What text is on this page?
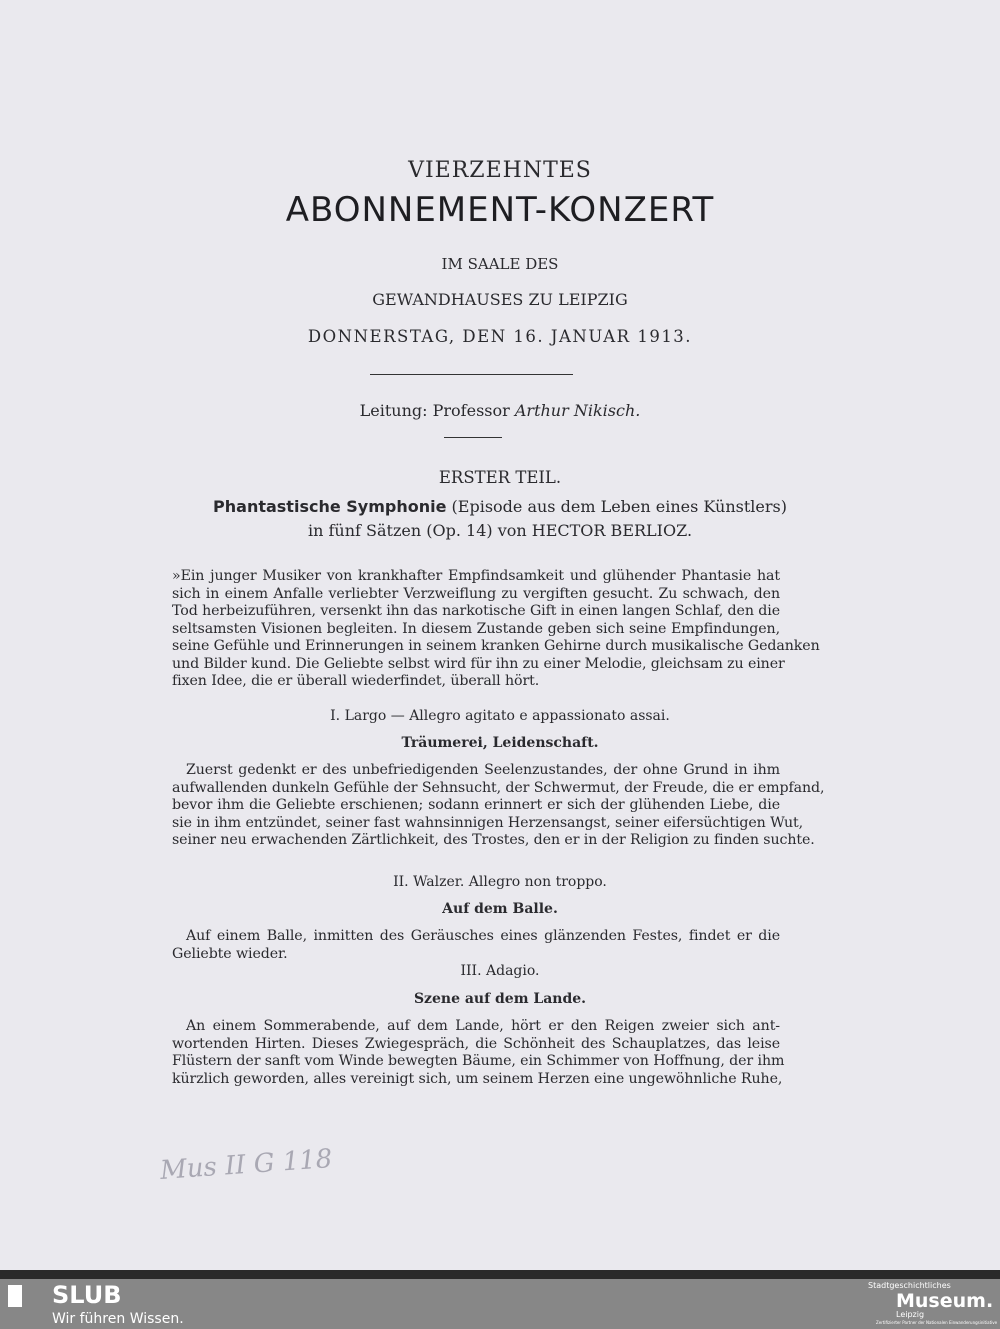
VIERZEHNTES
ABONNEMENT-KONZERT
IM SAALE DES
GEWANDHAUSES ZU LEIPZIG
DONNERSTAG, DEN 16. JANUAR 1913.
Leitung: Professor Arthur Nikisch.
ERSTER TEIL.
Phantastische Symphonie (Episode aus dem Leben eines Künstlers)
in fünf Sätzen (Op. 14) von HECTOR BERLIOZ.
»Ein junger Musiker von krankhafter Empfindsamkeit und glühender Phantasie hat
sich in einem Anfalle verliebter Verzweiflung zu vergiften gesucht. Zu schwach, den
Tod herbeizuführen, versenkt ihn das narkotische Gift in einen langen Schlaf, den die
seltsamsten Visionen begleiten. In diesem Zustande geben sich seine Empfindungen,
seine Gefühle und Erinnerungen in seinem kranken Gehirne durch musikalische Gedanken
und Bilder kund. Die Geliebte selbst wird für ihn zu einer Melodie, gleichsam zu einer
fixen Idee, die er überall wiederfindet, überall hört.
I. Largo — Allegro agitato e appassionato assai.
Träumerei, Leidenschaft.
Zuerst gedenkt er des unbefriedigenden Seelenzustandes, der ohne Grund in ihm
aufwallenden dunkeln Gefühle der Sehnsucht, der Schwermut, der Freude, die er empfand,
bevor ihm die Geliebte erschienen; sodann erinnert er sich der glühenden Liebe, die
sie in ihm entzündet, seiner fast wahnsinnigen Herzensangst, seiner eifersüchtigen Wut,
seiner neu erwachenden Zärtlichkeit, des Trostes, den er in der Religion zu finden suchte.
II. Walzer. Allegro non troppo.
Auf dem Balle.
Auf einem Balle, inmitten des Geräusches eines glänzenden Festes, findet er die
Geliebte wieder.
III. Adagio.
Szene auf dem Lande.
An einem Sommerabende, auf dem Lande, hört er den Reigen zweier sich ant-
wortenden Hirten. Dieses Zwiegespräch, die Schönheit des Schauplatzes, das leise
Flüstern der sanft vom Winde bewegten Bäume, ein Schimmer von Hoffnung, der ihm
kürzlich geworden, alles vereinigt sich, um seinem Herzen eine ungewöhnliche Ruhe,
Mus II G 118
SLUB
Wir führen Wissen.
Stadtgeschichtliches
Museum.
Leipzig
Zertifizierter Partner der Nationalen Einwanderungsinitiative
